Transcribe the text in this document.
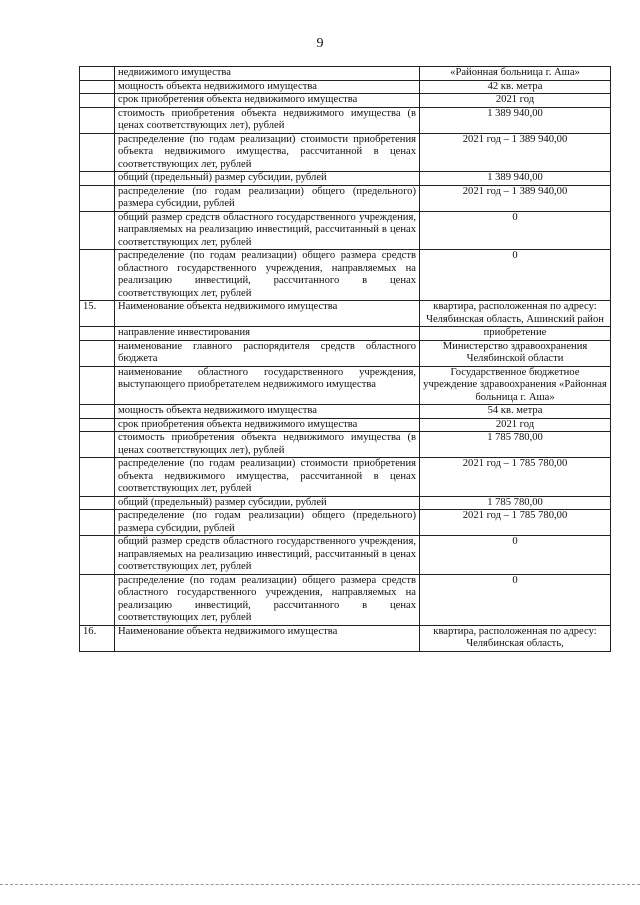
9
	недвижимого имущества	«Районная больница г. Аша»
	мощность объекта недвижимого имущества	42 кв. метра
	срок приобретения объекта недвижимого имущества	2021 год
	стоимость приобретения объекта недвижимого имущества (в ценах соответствующих лет), рублей	1 389 940,00
	распределение (по годам реализации) стоимости приобретения объекта недвижимого имущества, рассчитанной в ценах соответствующих лет, рублей	2021 год – 1 389 940,00
	общий (предельный) размер субсидии, рублей	1 389 940,00
	распределение (по годам реализации) общего (предельного) размера субсидии, рублей	2021 год – 1 389 940,00
	общий размер средств областного государственного учреждения, направляемых на реализацию инвестиций, рассчитанный в ценах соответствующих лет, рублей	0
	распределение (по годам реализации) общего размера средств областного государственного учреждения, направляемых на реализацию инвестиций, рассчитанного в ценах соответствующих лет, рублей	0
15.	Наименование объекта недвижимого имущества	квартира, расположенная по адресу: Челябинская область, Ашинский район
	направление инвестирования	приобретение
	наименование главного распорядителя средств областного бюджета	Министерство здравоохранения Челябинской области
	наименование областного государственного учреждения, выступающего приобретателем недвижимого имущества	Государственное бюджетное учреждение здравоохранения «Районная больница г. Аша»
	мощность объекта недвижимого имущества	54 кв. метра
	срок приобретения объекта недвижимого имущества	2021 год
	стоимость приобретения объекта недвижимого имущества (в ценах соответствующих лет), рублей	1 785 780,00
	распределение (по годам реализации) стоимости приобретения объекта недвижимого имущества, рассчитанной в ценах соответствующих лет, рублей	2021 год – 1 785 780,00
	общий (предельный) размер субсидии, рублей	1 785 780,00
	распределение (по годам реализации) общего (предельного) размера субсидии, рублей	2021 год – 1 785 780,00
	общий размер средств областного государственного учреждения, направляемых на реализацию инвестиций, рассчитанный в ценах соответствующих лет, рублей	0
	распределение (по годам реализации) общего размера средств областного государственного учреждения, направляемых на реализацию инвестиций, рассчитанного в ценах соответствующих лет, рублей	0
16.	Наименование объекта недвижимого имущества	квартира, расположенная по адресу: Челябинская область,
